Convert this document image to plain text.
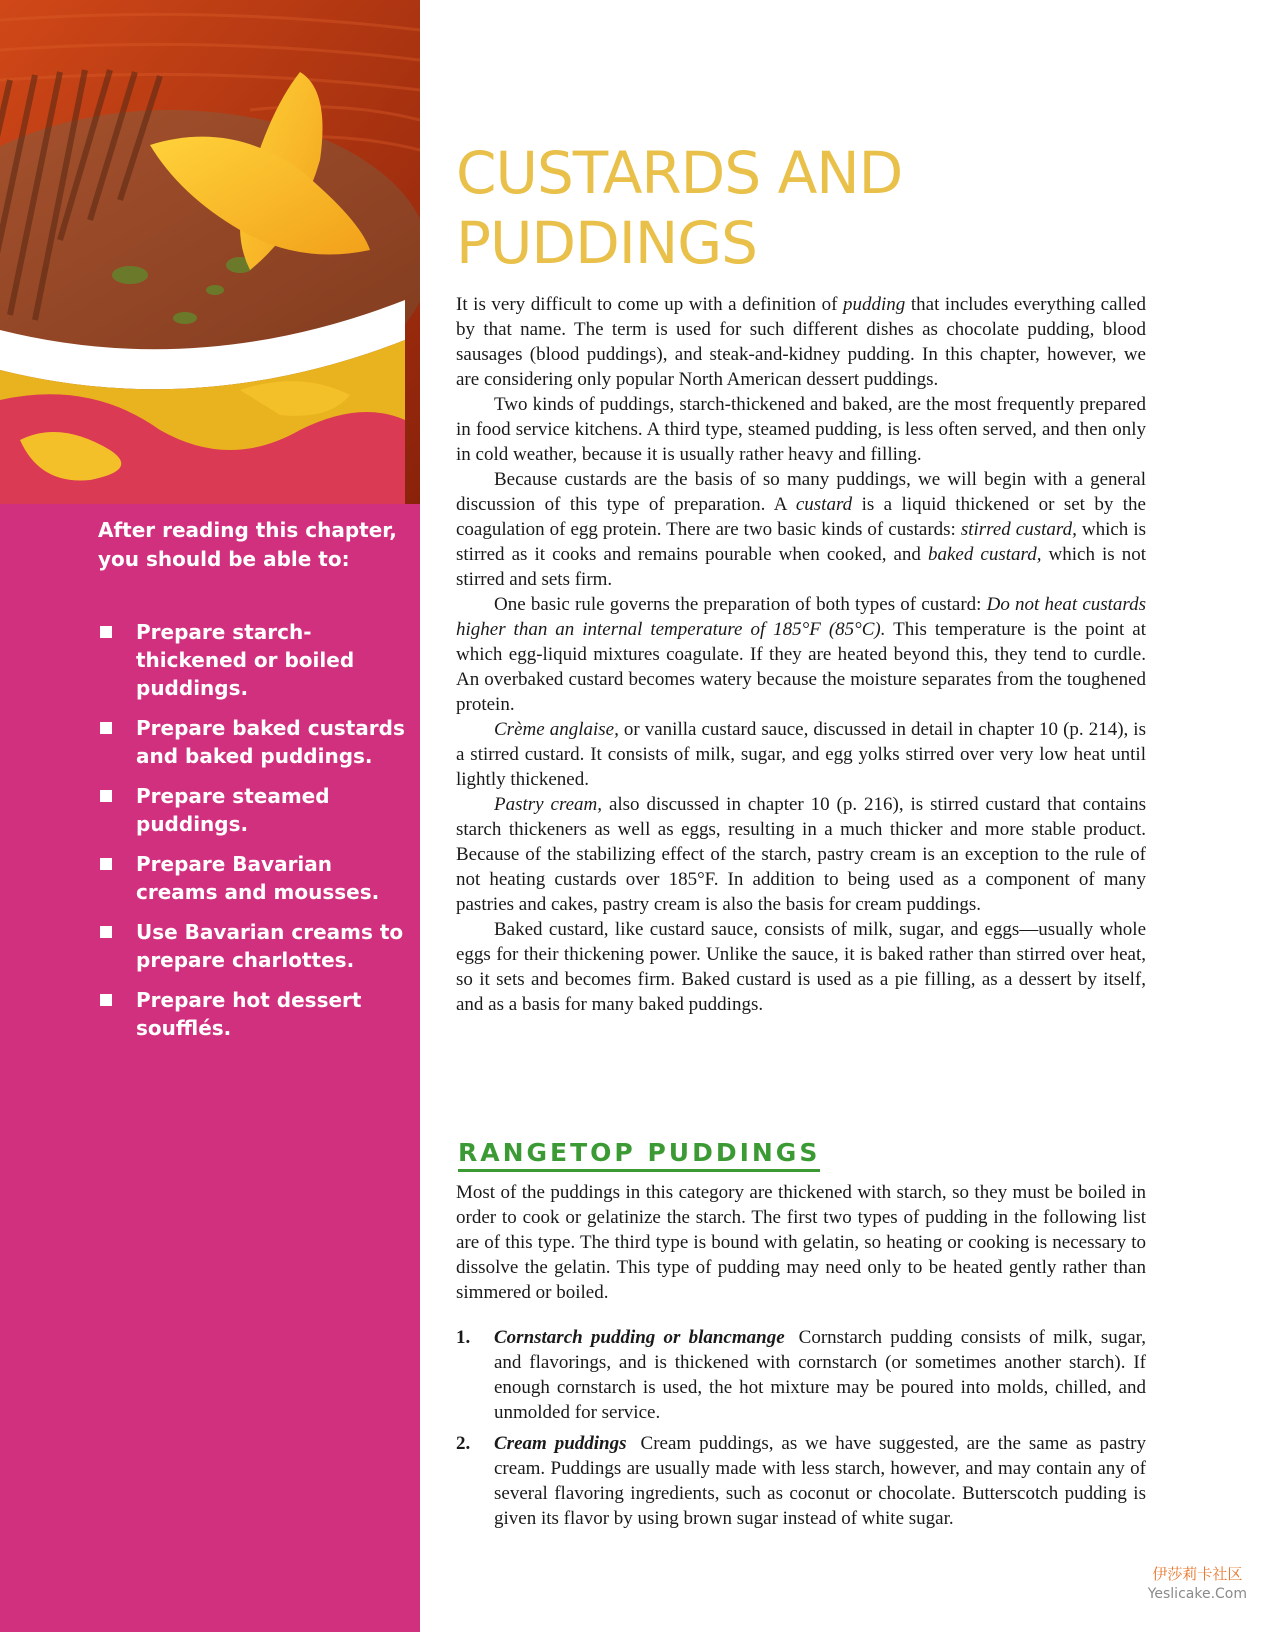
After reading this chapter, you should be able to:

Prepare starch-thickened or boiled puddings.
Prepare baked custards and baked puddings.
Prepare steamed puddings.
Prepare Bavarian creams and mousses.
Use Bavarian creams to prepare charlottes.
Prepare hot dessert soufflés.
CUSTARDS AND
PUDDINGS

It is very difficult to come up with a definition of pudding that includes everything called by that name. The term is used for such different dishes as chocolate pudding, blood sausages (blood puddings), and steak-and-kidney pudding. In this chapter, however, we are considering only popular North American dessert puddings.

Two kinds of puddings, starch-thickened and baked, are the most frequently prepared in food service kitchens. A third type, steamed pudding, is less often served, and then only in cold weather, because it is usually rather heavy and filling.

Because custards are the basis of so many puddings, we will begin with a general discussion of this type of preparation. A custard is a liquid thickened or set by the coagulation of egg protein. There are two basic kinds of custards: stirred custard, which is stirred as it cooks and remains pourable when cooked, and baked custard, which is not stirred and sets firm.

One basic rule governs the preparation of both types of custard: Do not heat custards higher than an internal temperature of 185°F (85°C). This temperature is the point at which egg-liquid mixtures coagulate. If they are heated beyond this, they tend to curdle. An overbaked custard becomes watery because the moisture separates from the toughened protein.

Crème anglaise, or vanilla custard sauce, discussed in detail in chapter 10 (p. 214), is a stirred custard. It consists of milk, sugar, and egg yolks stirred over very low heat until lightly thickened.

Pastry cream, also discussed in chapter 10 (p. 216), is stirred custard that contains starch thickeners as well as eggs, resulting in a much thicker and more stable product. Because of the stabilizing effect of the starch, pastry cream is an exception to the rule of not heating custards over 185°F. In addition to being used as a component of many pastries and cakes, pastry cream is also the basis for cream puddings.

Baked custard, like custard sauce, consists of milk, sugar, and eggs—usually whole eggs for their thickening power. Unlike the sauce, it is baked rather than stirred over heat, so it sets and becomes firm. Baked custard is used as a pie filling, as a dessert by itself, and as a basis for many baked puddings.

RANGETOP PUDDINGS

Most of the puddings in this category are thickened with starch, so they must be boiled in order to cook or gelatinize the starch. The first two types of pudding in the following list are of this type. The third type is bound with gelatin, so heating or cooking is necessary to dissolve the gelatin. This type of pudding may need only to be heated gently rather than simmered or boiled.

1. Cornstarch pudding or blancmange Cornstarch pudding consists of milk, sugar, and flavorings, and is thickened with cornstarch (or sometimes another starch). If enough cornstarch is used, the hot mixture may be poured into molds, chilled, and unmolded for service.
2. Cream puddings Cream puddings, as we have suggested, are the same as pastry cream. Puddings are usually made with less starch, however, and may contain any of several flavoring ingredients, such as coconut or chocolate. Butterscotch pudding is given its flavor by using brown sugar instead of white sugar.
伊莎莉卡社区
Yeslicake.Com
